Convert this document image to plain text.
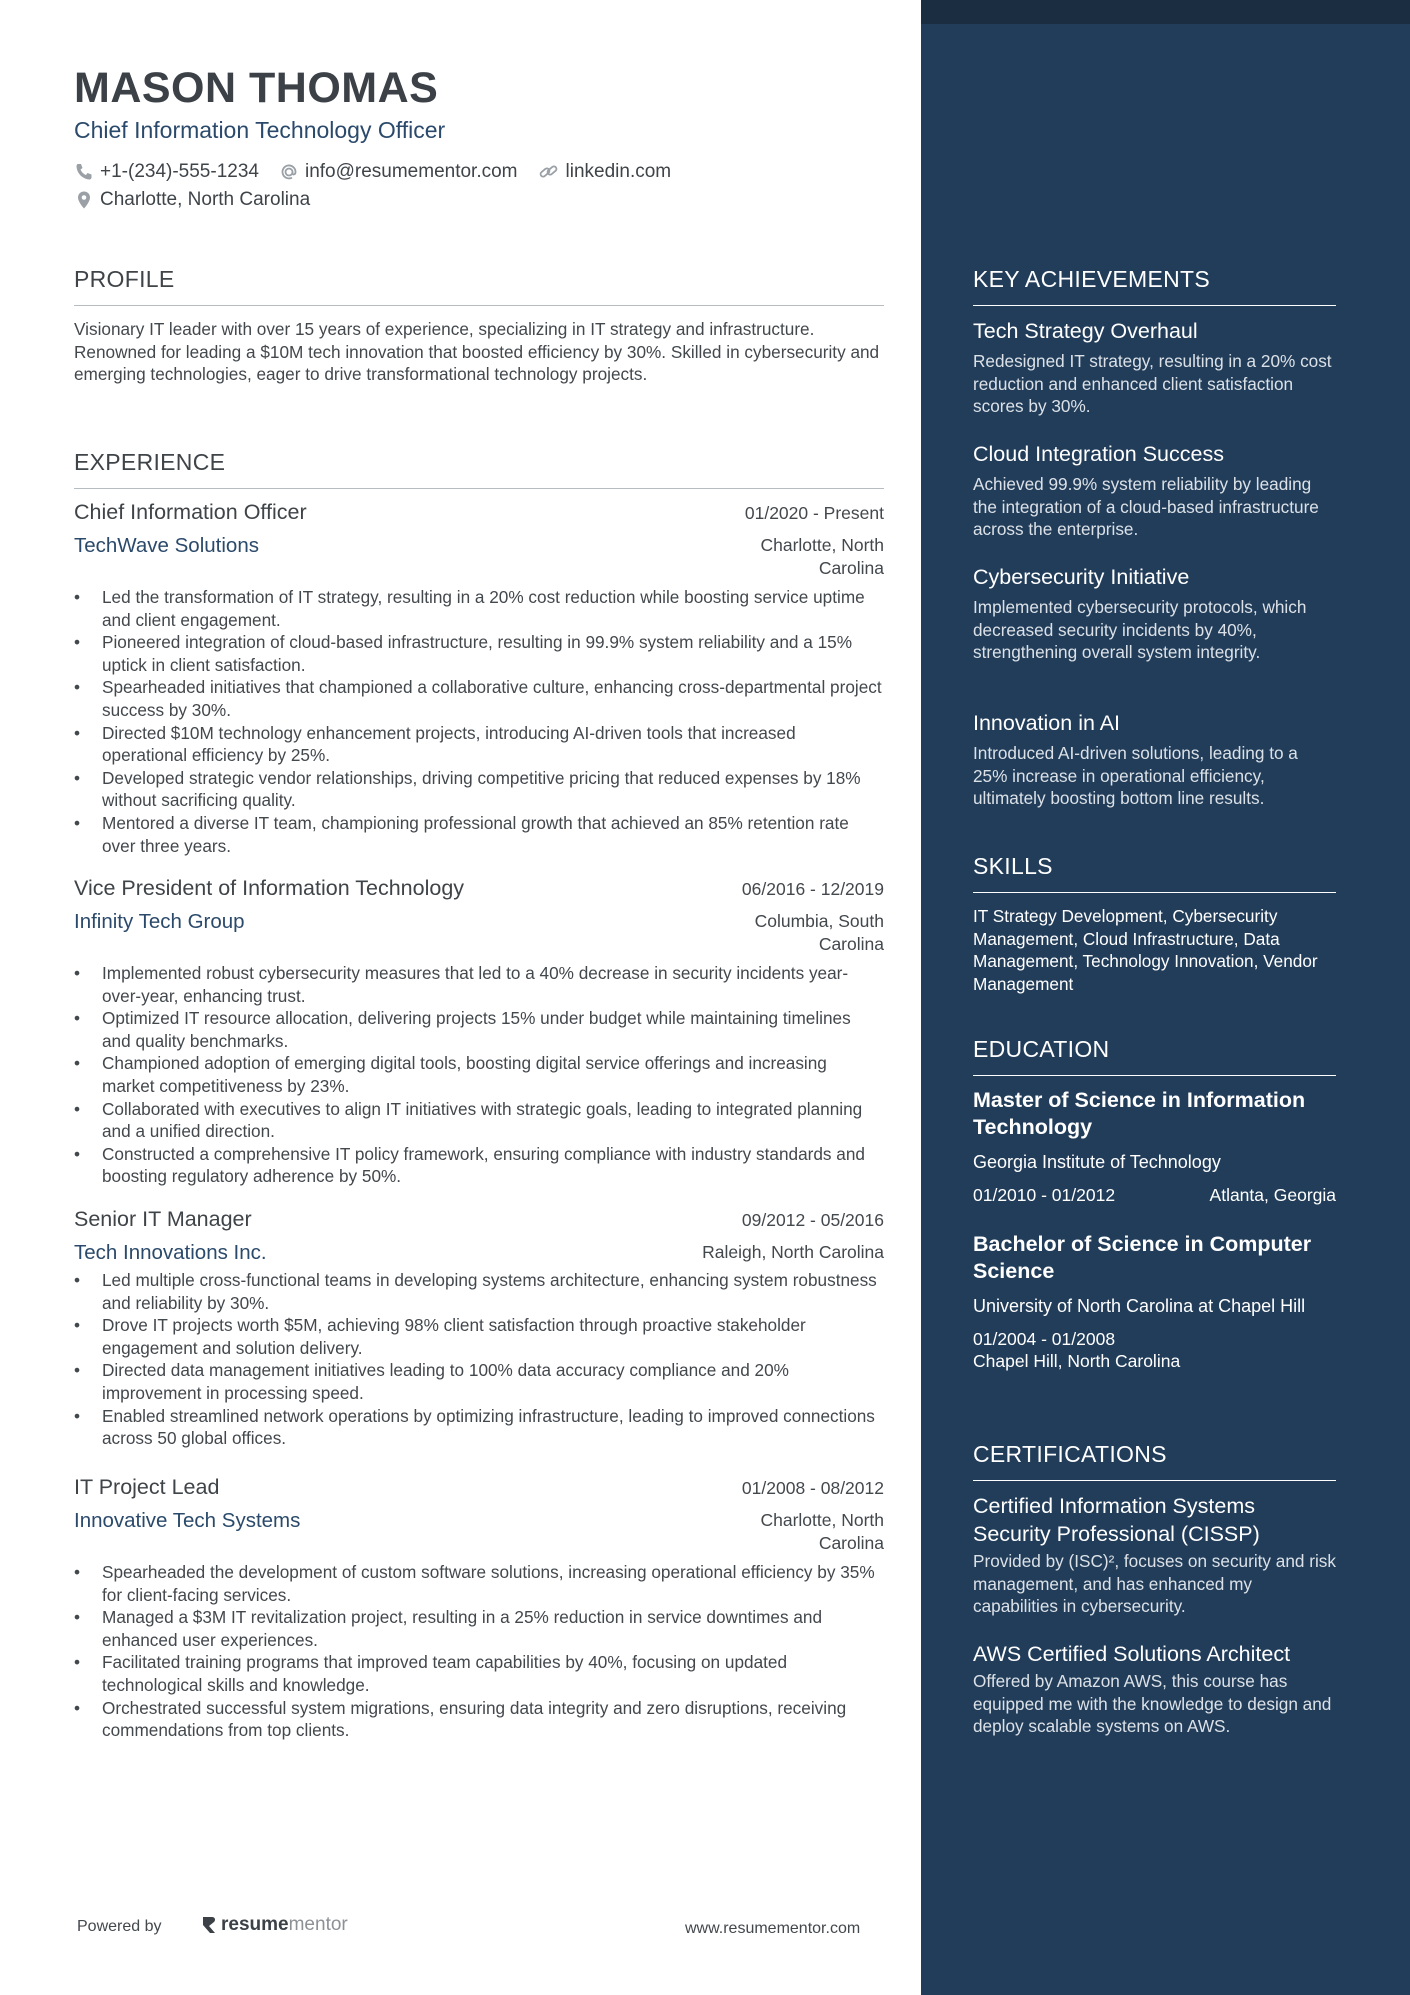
MASON THOMAS
Chief Information Technology Officer
+1-(234)-555-1234 info@resumementor.com	linkedin.com
Charlotte, North Carolina
PROFILE
Visionary IT leader with over 15 years of experience, specializing in IT strategy and infrastructure. Renowned for leading a $10M tech innovation that boosted efficiency by 30%. Skilled in cybersecurity and emerging technologies, eager to drive transformational technology projects.
EXPERIENCE
Chief Information Officer	01/2020 - Present
TechWave Solutions	Charlotte, North Carolina
• Led the transformation of IT strategy, resulting in a 20% cost reduction while boosting service uptime and client engagement.
• Pioneered integration of cloud-based infrastructure, resulting in 99.9% system reliability and a 15% uptick in client satisfaction.
• Spearheaded initiatives that championed a collaborative culture, enhancing cross-departmental project success by 30%.
• Directed $10M technology enhancement projects, introducing AI-driven tools that increased operational efficiency by 25%.
• Developed strategic vendor relationships, driving competitive pricing that reduced expenses by 18% without sacrificing quality.
• Mentored a diverse IT team, championing professional growth that achieved an 85% retention rate over three years.
Vice President of Information Technology	06/2016 - 12/2019
Infinity Tech Group	Columbia, South Carolina
• Implemented robust cybersecurity measures that led to a 40% decrease in security incidents year-over-year, enhancing trust.
• Optimized IT resource allocation, delivering projects 15% under budget while maintaining timelines and quality benchmarks.
• Championed adoption of emerging digital tools, boosting digital service offerings and increasing market competitiveness by 23%.
• Collaborated with executives to align IT initiatives with strategic goals, leading to integrated planning and a unified direction.
• Constructed a comprehensive IT policy framework, ensuring compliance with industry standards and boosting regulatory adherence by 50%.
Senior IT Manager	09/2012 - 05/2016
Tech Innovations Inc.	Raleigh, North Carolina
• Led multiple cross-functional teams in developing systems architecture, enhancing system robustness and reliability by 30%.
• Drove IT projects worth $5M, achieving 98% client satisfaction through proactive stakeholder engagement and solution delivery.
• Directed data management initiatives leading to 100% data accuracy compliance and 20% improvement in processing speed.
• Enabled streamlined network operations by optimizing infrastructure, leading to improved connections across 50 global offices.
IT Project Lead	01/2008 - 08/2012
Innovative Tech Systems	Charlotte, North Carolina
• Spearheaded the development of custom software solutions, increasing operational efficiency by 35% for client-facing services.
• Managed a $3M IT revitalization project, resulting in a 25% reduction in service downtimes and enhanced user experiences.
• Facilitated training programs that improved team capabilities by 40%, focusing on updated technological skills and knowledge.
• Orchestrated successful system migrations, ensuring data integrity and zero disruptions, receiving commendations from top clients.
Powered by	resume mentor	www.resumementor.com
KEY ACHIEVEMENTS
Tech Strategy Overhaul
Redesigned IT strategy, resulting in a 20% cost reduction and enhanced client satisfaction scores by 30%.
Cloud Integration Success
Achieved 99.9% system reliability by leading the integration of a cloud-based infrastructure across the enterprise.
Cybersecurity Initiative
Implemented cybersecurity protocols, which decreased security incidents by 40%, strengthening overall system integrity.
Innovation in AI
Introduced AI-driven solutions, leading to a 25% increase in operational efficiency, ultimately boosting bottom line results.
SKILLS
IT Strategy Development, Cybersecurity Management, Cloud Infrastructure, Data Management, Technology Innovation, Vendor Management
EDUCATION
Master of Science in Information Technology
Georgia Institute of Technology
01/2010 - 01/2012	Atlanta, Georgia
Bachelor of Science in Computer Science
University of North Carolina at Chapel Hill
01/2004 - 01/2008
Chapel Hill, North Carolina
CERTIFICATIONS
Certified Information Systems Security Professional (CISSP)
Provided by (ISC)², focuses on security and risk management, and has enhanced my capabilities in cybersecurity.
AWS Certified Solutions Architect
Offered by Amazon AWS, this course has equipped me with the knowledge to design and deploy scalable systems on AWS.
